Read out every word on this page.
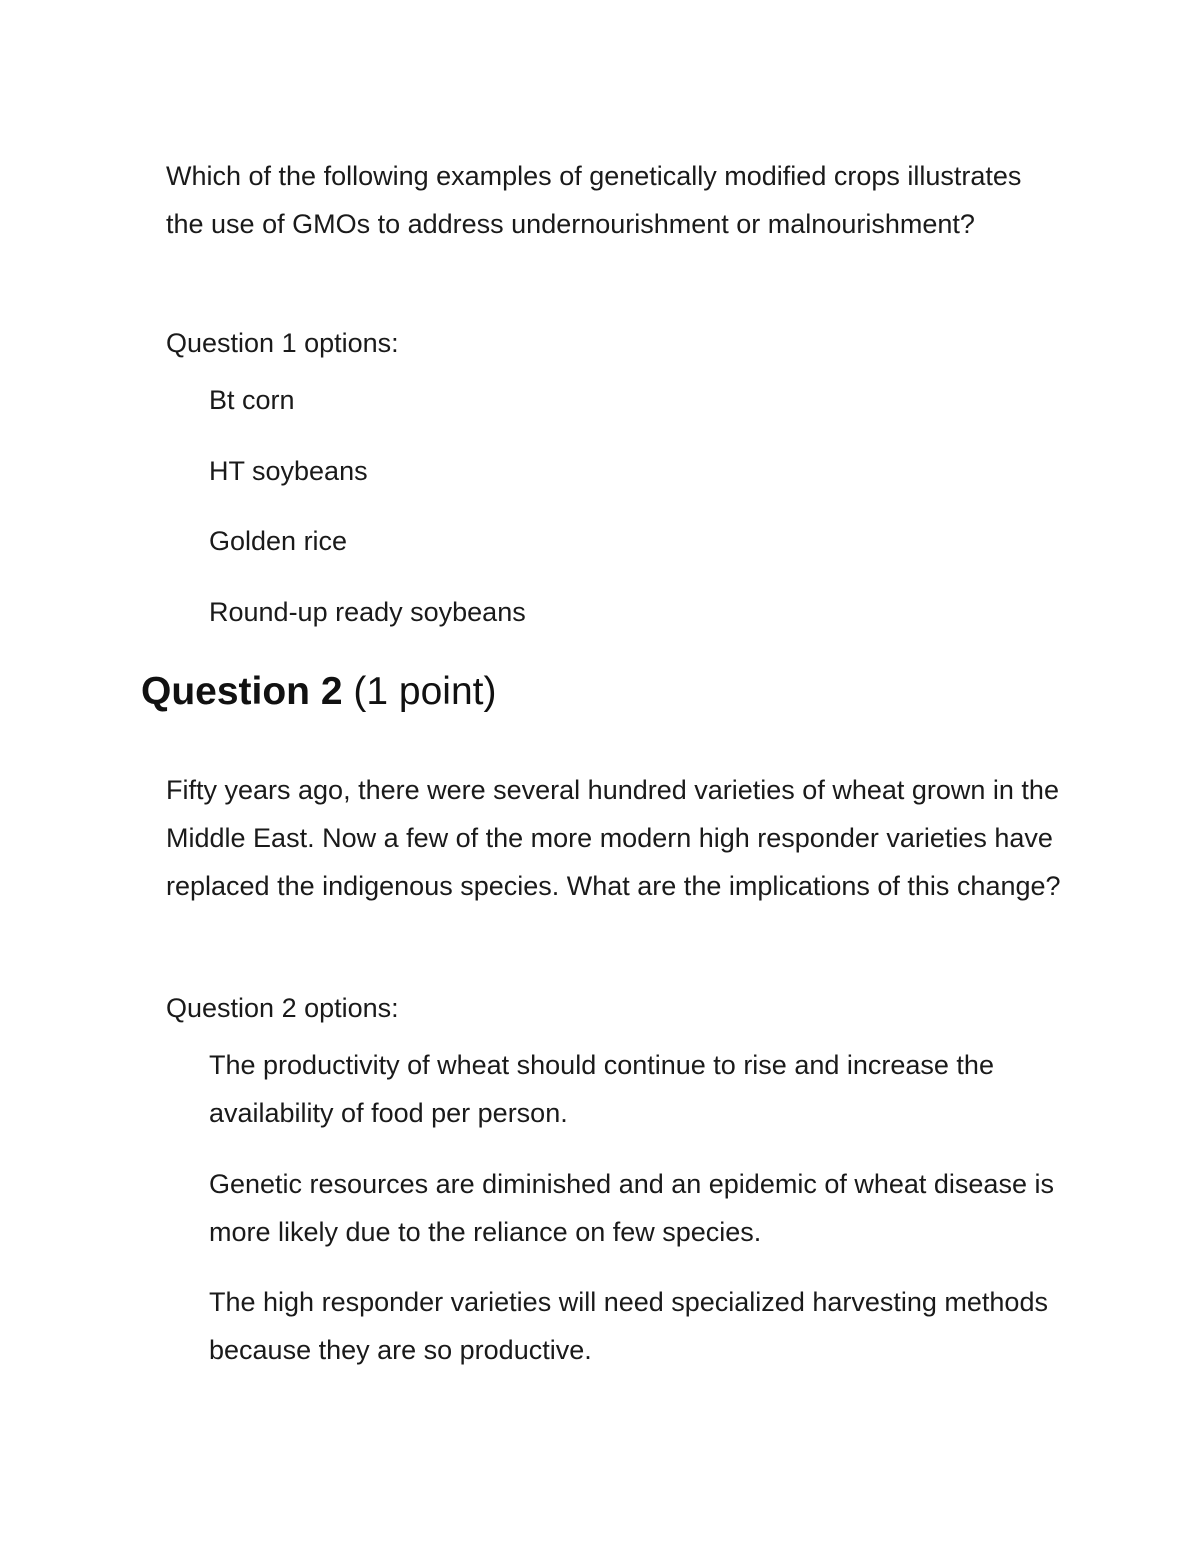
Which of the following examples of genetically modified crops illustrates the use of GMOs to address undernourishment or malnourishment?

Question 1 options:

Bt corn

HT soybeans

Golden rice

Round-up ready soybeans

Question 2 (1 point)

Fifty years ago, there were several hundred varieties of wheat grown in the Middle East. Now a few of the more modern high responder varieties have replaced the indigenous species. What are the implications of this change?

Question 2 options:

The productivity of wheat should continue to rise and increase the availability of food per person.

Genetic resources are diminished and an epidemic of wheat disease is more likely due to the reliance on few species.

The high responder varieties will need specialized harvesting methods because they are so productive.
